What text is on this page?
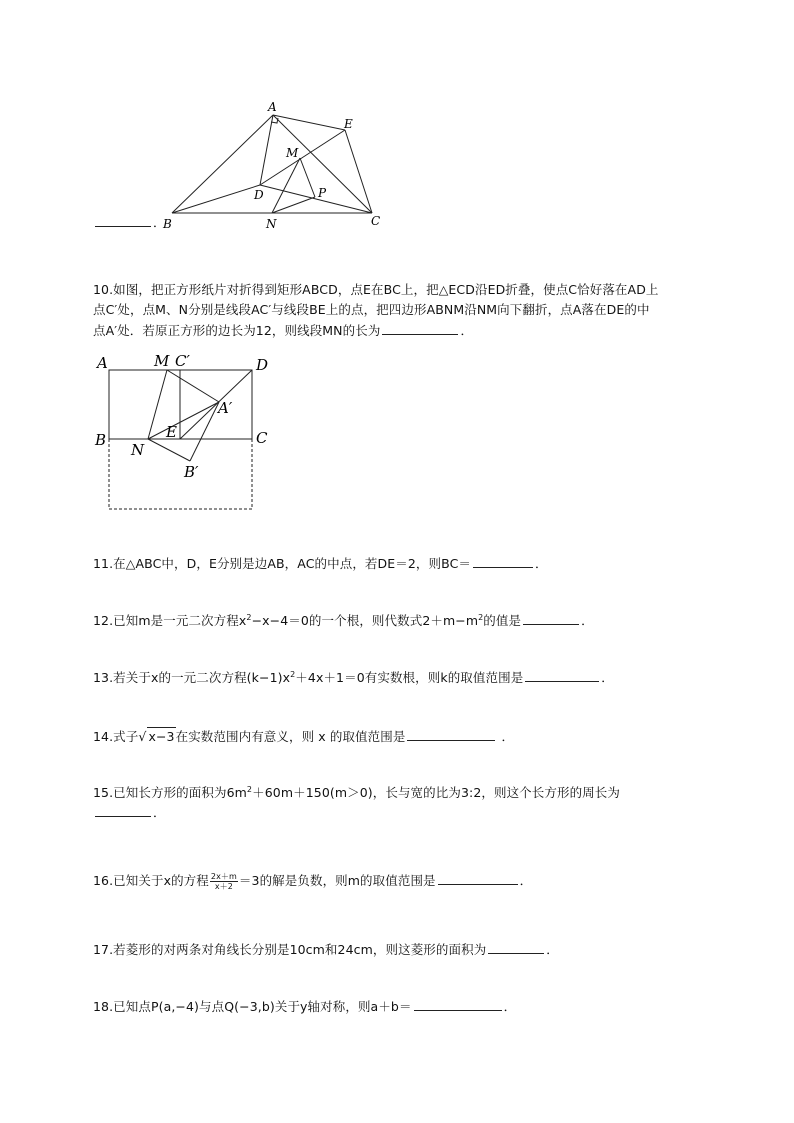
．
A
E
M
D	P
B	N	C
10.如图，把正方形纸片对折得到矩形ABCD，点E在BC上，把△ECD沿ED折叠，使点C恰好落在AD上
点C′处，点M、N分别是线段AC′与线段BE上的点，把四边形ABNM沿NM向下翻折，点A落在DE的中
点A′处．若原正方形的边长为12，则线段MN的长为	．
A	M C′	D
A′
B	E	C
N
B′
11.在△ABC中，D，E分别是边AB，AC的中点，若DE＝2，则BC＝	．
12.已知m是一元二次方程$x^2-x-4=0$的一个根，则代数式$2+m-m^2$的值是	．
13.若关于x的一元二次方程$(k-1)x^2+4x+1=0$有实数根，则k的取值范围是	．
14.式子√ x−3在实数范围内有意义，则 x 的取值范围是	．
15.已知长方形的面积为$6m^2+60m+150(m>0)$，长与宽的比为3:2，则这个长方形的周长为
．
16.已知关于x的方程 $\frac{2x+m}{x+2} =3$的解是负数，则m的取值范围是	．
17.若菱形的对两条对角线长分别是10cm和24cm，则这菱形的面积为	．
18.已知点P(a,−4)与点Q(−3,b)关于y轴对称，则a＋b＝	．
